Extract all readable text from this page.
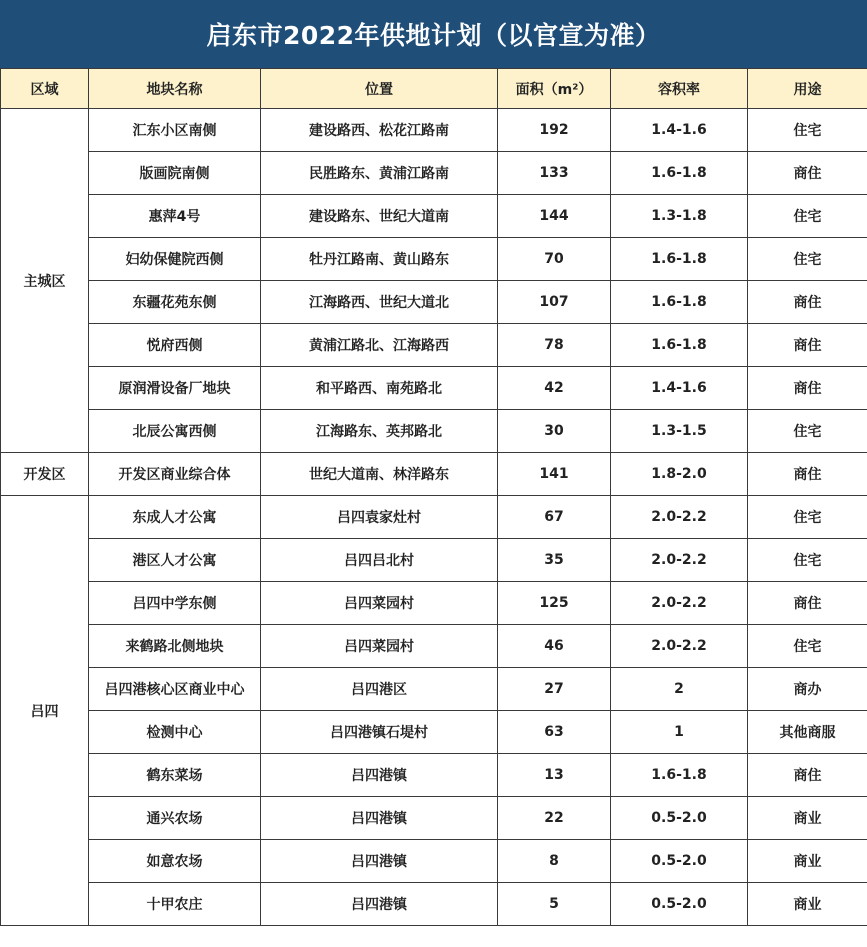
启东市2022年供地计划（以官宣为准）
区域	地块名称	位置	面积（m²）	容积率	用途
主城区	汇东小区南侧	建设路西、松花江路南	192	1.4-1.6	住宅
	版画院南侧	民胜路东、黄浦江路南	133	1.6-1.8	商住
	惠萍4号	建设路东、世纪大道南	144	1.3-1.8	住宅
	妇幼保健院西侧	牡丹江路南、黄山路东	70	1.6-1.8	住宅
	东疆花苑东侧	江海路西、世纪大道北	107	1.6-1.8	商住
	悦府西侧	黄浦江路北、江海路西	78	1.6-1.8	商住
	原润滑设备厂地块	和平路西、南苑路北	42	1.4-1.6	商住
	北辰公寓西侧	江海路东、英邦路北	30	1.3-1.5	住宅
开发区	开发区商业综合体	世纪大道南、林洋路东	141	1.8-2.0	商住
吕四	东成人才公寓	吕四袁家灶村	67	2.0-2.2	住宅
	港区人才公寓	吕四吕北村	35	2.0-2.2	住宅
	吕四中学东侧	吕四菜园村	125	2.0-2.2	商住
	来鹤路北侧地块	吕四菜园村	46	2.0-2.2	住宅
	吕四港核心区商业中心	吕四港区	27	2	商办
	检测中心	吕四港镇石堤村	63	1	其他商服
	鹤东菜场	吕四港镇	13	1.6-1.8	商住
	通兴农场	吕四港镇	22	0.5-2.0	商业
	如意农场	吕四港镇	8	0.5-2.0	商业
	十甲农庄	吕四港镇	5	0.5-2.0	商业
